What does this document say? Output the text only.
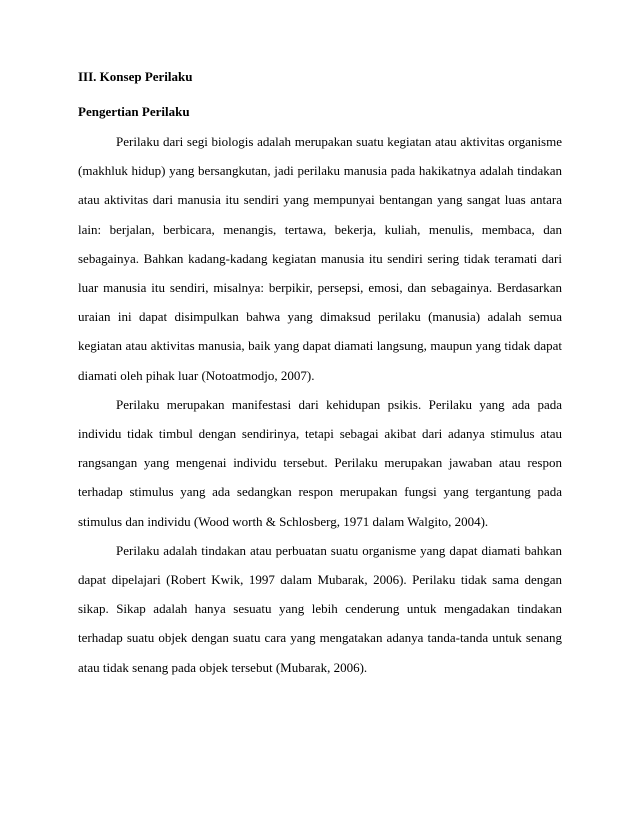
III. Konsep Perilaku

Pengertian Perilaku

Perilaku dari segi biologis adalah merupakan suatu kegiatan atau aktivitas organisme (makhluk hidup) yang bersangkutan, jadi perilaku manusia pada hakikatnya adalah tindakan atau aktivitas dari manusia itu sendiri yang mempunyai bentangan yang sangat luas antara lain: berjalan, berbicara, menangis, tertawa, bekerja, kuliah, menulis, membaca, dan sebagainya. Bahkan kadang-kadang kegiatan manusia itu sendiri sering tidak teramati dari luar manusia itu sendiri, misalnya: berpikir, persepsi, emosi, dan sebagainya. Berdasarkan uraian ini dapat disimpulkan bahwa yang dimaksud perilaku (manusia) adalah semua kegiatan atau aktivitas manusia, baik yang dapat diamati langsung, maupun yang tidak dapat diamati oleh pihak luar (Notoatmodjo, 2007).

Perilaku merupakan manifestasi dari kehidupan psikis. Perilaku yang ada pada individu tidak timbul dengan sendirinya, tetapi sebagai akibat dari adanya stimulus atau rangsangan yang mengenai individu tersebut. Perilaku merupakan jawaban atau respon terhadap stimulus yang ada sedangkan respon merupakan fungsi yang tergantung pada stimulus dan individu (Wood worth & Schlosberg, 1971 dalam Walgito, 2004).

Perilaku adalah tindakan atau perbuatan suatu organisme yang dapat diamati bahkan dapat dipelajari (Robert Kwik, 1997 dalam Mubarak, 2006). Perilaku tidak sama dengan sikap. Sikap adalah hanya sesuatu yang lebih cenderung untuk mengadakan tindakan terhadap suatu objek dengan suatu cara yang mengatakan adanya tanda-tanda untuk senang atau tidak senang pada objek tersebut (Mubarak, 2006).
